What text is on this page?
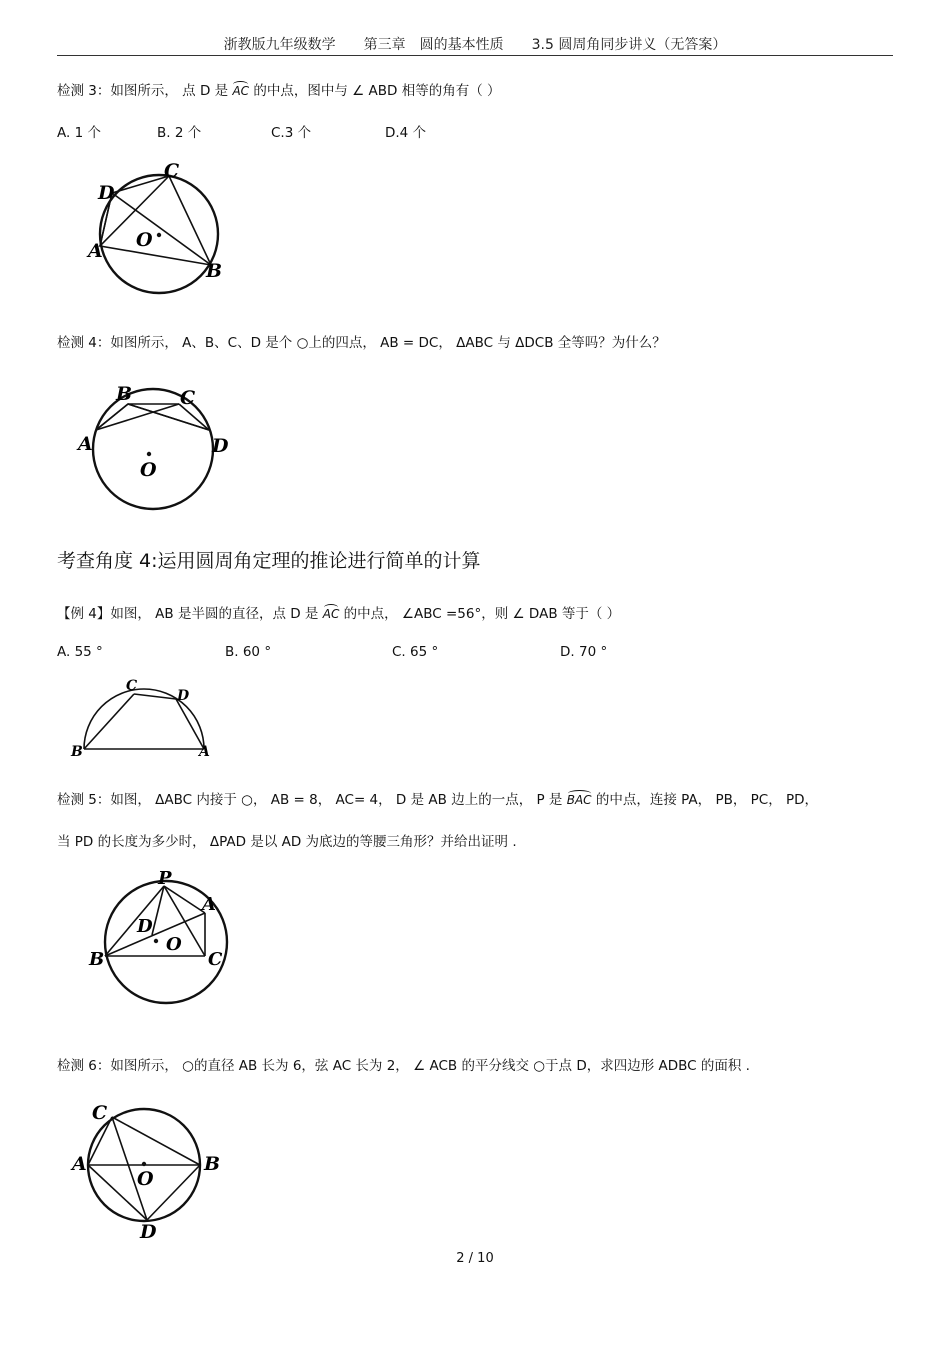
浙教版九年级数学　　第三章　圆的基本性质　　3.5 圆周角同步讲义（无答案）
检测 3：如图所示， 点 D 是 AC 的中点，图中与 ∠ ABD 相等的角有（ ）
A. 1 个	B. 2 个	C.3 个	D.4 个
D
C
O
A
B
检测 4：如图所示， A、B、C、D 是个 ○上的四点， AB = DC， ΔABC 与 ΔDCB 全等吗？为什么？
B	C
A	D
O
考查角度 4:运用圆周角定理的推论进行简单的计算
【例 4】如图， AB 是半圆的直径，点 D 是 AC 的中点， ∠ABC =56°，则 ∠ DAB 等于（ ）
A. 55 °	B. 60 °	C. 65 °	D. 70 °
C
D
B	A
检测 5：如图， ΔABC 内接于 ○， AB = 8， AC= 4， D 是 AB 边上的一点， P 是 BAC 的中点，连接 PA， PB， PC， PD，
当 PD 的长度为多少时， ΔPAD 是以 AD 为底边的等腰三角形？并给出证明 .
P
A
D
O
B	C
检测 6：如图所示， ○的直径 AB 长为 6，弦 AC 长为 2， ∠ ACB 的平分线交 ○于点 D，求四边形 ADBC 的面积 .
C
A
O
B
D
2 / 10
